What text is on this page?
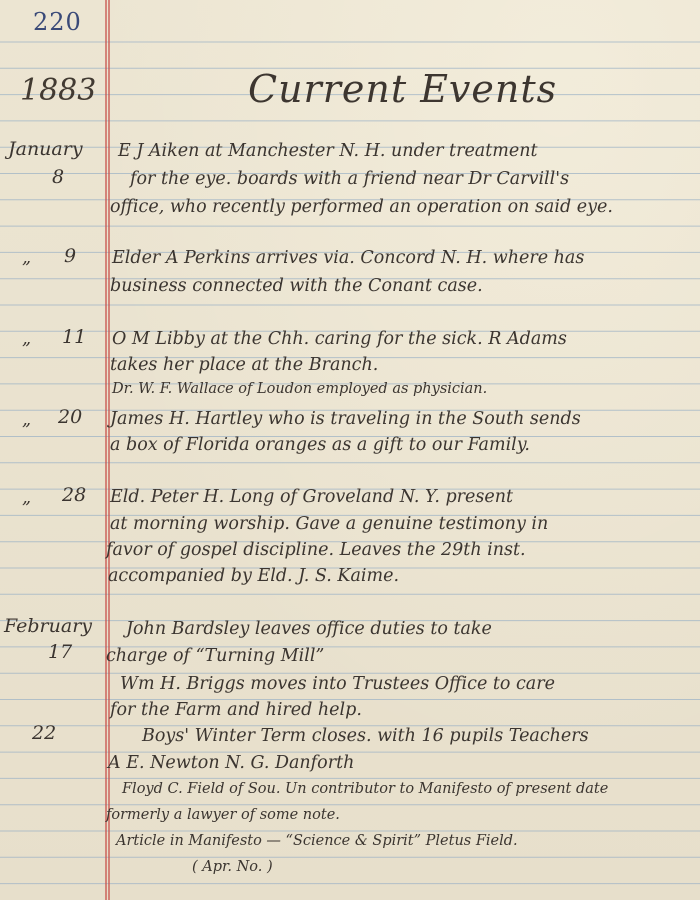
220
1883	Current Events
January
8
E J Aiken at Manchester N. H. under treatment
for the eye. boards with a friend near Dr Carvill's
office, who recently performed an operation on said eye.
„ 9 Elder A Perkins arrives via. Concord N. H. where has
business connected with the Conant case.
„ 11 O M Libby at the Chh. caring for the sick. R Adams
takes her place at the Branch.
Dr. W. F. Wallace of Loudon employed as physician.
„ 20 James H. Hartley who is traveling in the South sends
a box of Florida oranges as a gift to our Family.
„ 28 Eld. Peter H. Long of Groveland N. Y. present
at morning worship. Gave a genuine testimony in
favor of gospel discipline. Leaves the 29th inst.
accompanied by Eld. J. S. Kaime.
February
17
John Bardsley leaves office duties to take
charge of “Turning Mill”
Wm H. Briggs moves into Trustees Office to care
for the Farm and hired help.
22	Boys' Winter Term closes. with 16 pupils Teachers
A E. Newton N. G. Danforth
Floyd C. Field of Sou. Un contributor to Manifesto of present date
formerly a lawyer of some note.
Article in Manifesto — “Science & Spirit” Pletus Field.
( Apr. No. )
